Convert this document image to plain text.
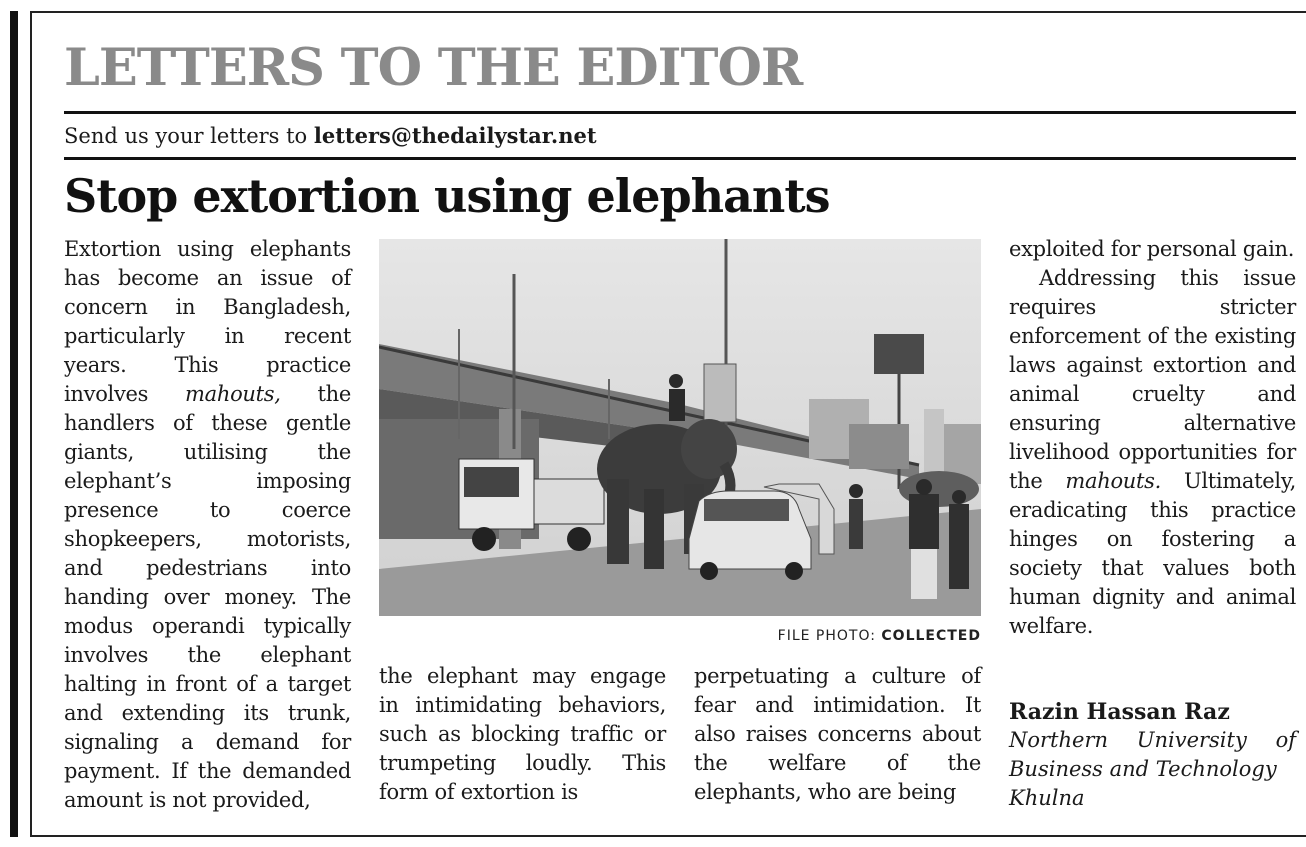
LETTERS TO THE EDITOR
Send us your letters to letters@thedailystar.net
Stop extortion using elephants

Extortion using elephants has become an issue of concern in Bangladesh, particularly in recent years. This practice involves mahouts, the handlers of these gentle giants, utilising the elephant’s imposing presence to coerce shopkeepers, motorists, and pedestrians into handing over money. The modus operandi typically involves the elephant halting in front of a target and extending its trunk, signaling a demand for payment. If the demanded amount is not provided,

FILE PHOTO: COLLECTED

the elephant may engage in intimidating behaviors, such as blocking traffic or trumpeting loudly. This form of extortion is

perpetuating a culture of fear and intimidation. It also raises concerns about the welfare of the elephants, who are being

exploited for personal gain.

Addressing this issue requires stricter enforcement of the existing laws against extortion and animal cruelty and ensuring alternative livelihood opportunities for the mahouts. Ultimately, eradicating this practice hinges on fostering a society that values both human dignity and animal welfare.

Razin Hassan Raz
Northern University of Business and Technology
Khulna
